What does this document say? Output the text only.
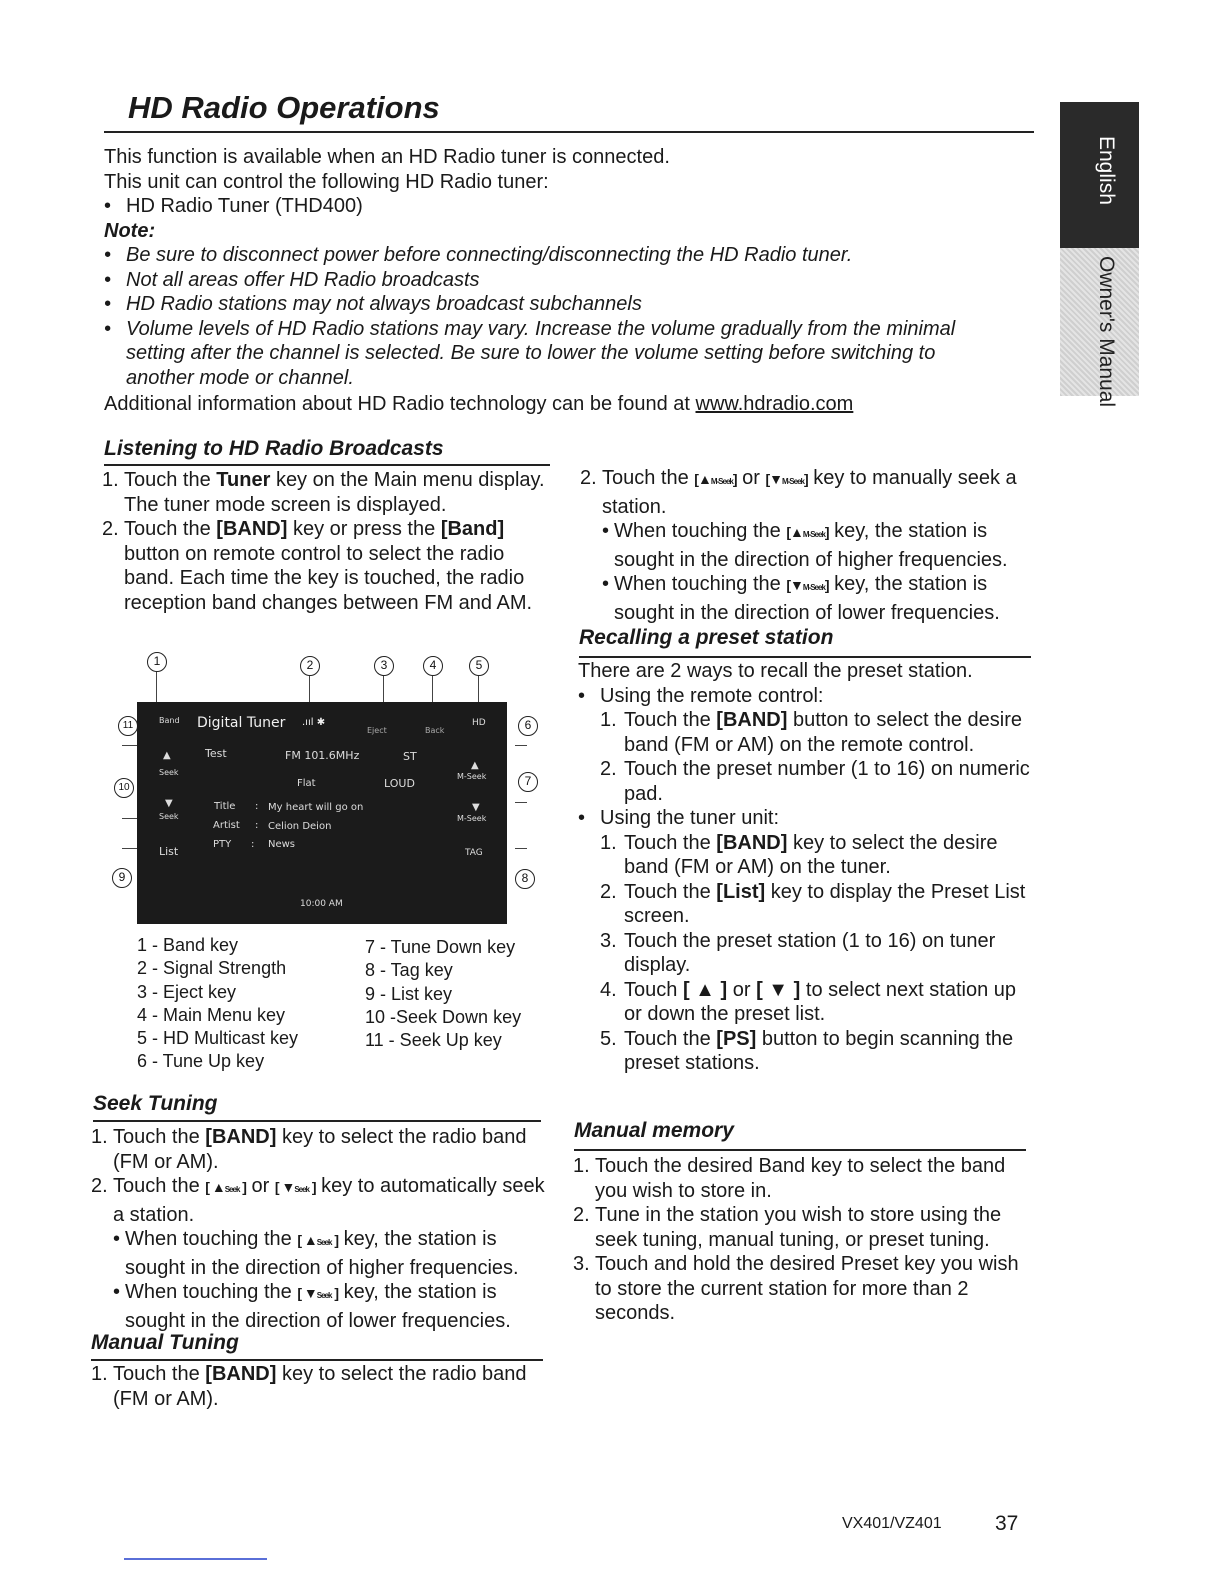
HD Radio Operations
English
Owner's Manual
This function is available when an HD Radio tuner is connected.
This unit can control the following HD Radio tuner:
• HD Radio Tuner (THD400)
Note:
• Be sure to disconnect power before connecting/disconnecting the HD Radio tuner.
• Not all areas offer HD Radio broadcasts
• HD Radio stations may not always broadcast subchannels
• Volume levels of HD Radio stations may vary. Increase the volume gradually from the minimal setting after the channel is selected. Be sure to lower the volume setting before switching to another mode or channel.
Additional information about HD Radio technology can be found at www.hdradio.com
Listening to HD Radio Broadcasts
1. Touch the Tuner key on the Main menu display. The tuner mode screen is displayed.
2. Touch the [BAND] key or press the [Band] button on remote control to select the radio band. Each time the key is touched, the radio reception band changes between FM and AM.
1	2	3	4	5
6
7
8
9
10
11	Band Digital Tuner .ııl ✱
Eject	Back
HD
▲
Seek
Test	FM 101.6MHz	ST
Flat	LOUD
▲
M-Seek
▼
Seek
Title : My heart will go on
Artist : Celion Deion
PTY : News
▼
M-Seek
List	TAG
10:00 AM
1 - Band key
2 - Signal Strength
3 - Eject key
4 - Main Menu key
5 - HD Multicast key
6 - Tune Up key
7 - Tune Down key
8 - Tag key
9 - List key
10 -Seek Down key
11 - Seek Up key
Seek Tuning
1. Touch the [BAND] key to select the radio band (FM or AM).
2. Touch the [ ▲Seek ] or [ ▼Seek ] key to automatically seek a station.
• When touching the [ ▲Seek ] key, the station is sought in the direction of higher frequencies.
• When touching the [ ▼Seek ] key, the station is sought in the direction of lower frequencies.
Manual Tuning
1. Touch the [BAND] key to select the radio band (FM or AM).
2. Touch the [▲M-Seek] or [▼M-Seek] key to manually seek a station.
• When touching the [▲M-Seek] key, the station is sought in the direction of higher frequencies.
• When touching the [▼M-Seek] key, the station is sought in the direction of lower frequencies.
Recalling a preset station
There are 2 ways to recall the preset station.
• Using the remote control:
1. Touch the [BAND] button to select the desire band (FM or AM) on the remote control.
2. Touch the preset number (1 to 16) on numeric pad.
• Using the tuner unit:
1. Touch the [BAND] key to select the desire band (FM or AM) on the tuner.
2. Touch the [List] key to display the Preset List screen.
3. Touch the preset station (1 to 16) on tuner display.
4. Touch [ ▲ ] or [ ▼ ] to select next station up or down the preset list.
5. Touch the [PS] button to begin scanning the preset stations.
Manual memory
1. Touch the desired Band key to select the band you wish to store in.
2. Tune in the station you wish to store using the seek tuning, manual tuning, or preset tuning.
3. Touch and hold the desired Preset key you wish to store the current station for more than 2 seconds.
VX401/VZ401	37
